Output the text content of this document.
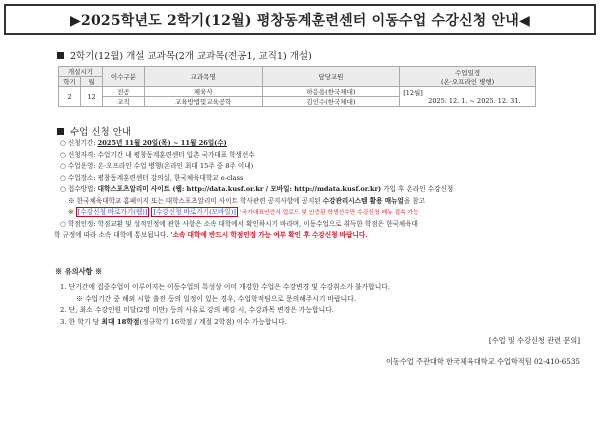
▶2025학년도 2학기(12월) 평창동계훈련센터 이동수업 수강신청 안내◀
2학기(12월) 개설 교과목(2개 교과목(전공1, 교직1) 개설)
개설시기		이수구분	교과목명	담당교원	수업일정
(온·오프라인 병행)

학기	월				
2	12	전공	체육사	하응용(한국체대)	[12월]
2025. 12. 1. ~ 2025. 12. 31.

		교직	교육방법및교육공학	김인수(한국체대)	
수업 신청 안내
○ 신청기간: 2025년 11월 20일(목) ~ 11월 26일(수)
○ 신청자격: 수업기간 내 평창동계훈련센터 입촌 국가대표 학생선수
○ 수업운영: 온·오프라인 수업 병행(온라인 최대 15주 중 8주 이내)
○ 수업장소: 평창동계훈련센터 강의실, 한국체육대학교 e-class
○ 접수방법: 대학스포츠알리미 사이트 (웹: http://data.kusf.or.kr / 모바일: http://mdata.kusf.or.kr) 가입 후 온라인 수강신청
※ 한국체육대학교 홈페이지 또는 대학스포츠알리미 사이트 학사관련 공지사항에 공지된 수강관리시스템 활용 매뉴얼을 참고
※ [수강신청 바로가기(웹)] [수강신청 바로가기(모바일)] '국가대표인증서 업로드 및 인증된 학생선수만 수강신청 메뉴 접속 가능
○ 학점인정: 학점교환 및 성적인정에 관한 사항은 소속 대학에서 확인하시기 바라며, 이동수업으로 취득한 학점은 한국체육대
학 규정에 따라 소속 대학에 통보됩니다. '소속 대학에 반드시 학점인정 가능 여부 확인 후 수강신청 바랍니다.
※ 유의사항 ※
1. 단기간에 집중수업이 이루어지는 이동수업의 특성상 이미 개강한 수업은 수강변경 및 수강취소가 불가합니다.
※ 수업기간 중 해외 시합 출전 등의 일정이 있는 경우, 수업학적팀으로 문의해주시기 바랍니다.
2. 단, 최소 수강인원 미달(2명 미만) 등의 사유로 강의 폐강 시, 수강과목 변경은 가능합니다.
3. 한 학기 당 최대 18학점(정규학기 16학점 / 계절 2학점) 이수 가능합니다.
[수업 및 수강신청 관련 문의]
이동수업 주관대학 한국체육대학교 수업학적팀 02-410-6535
